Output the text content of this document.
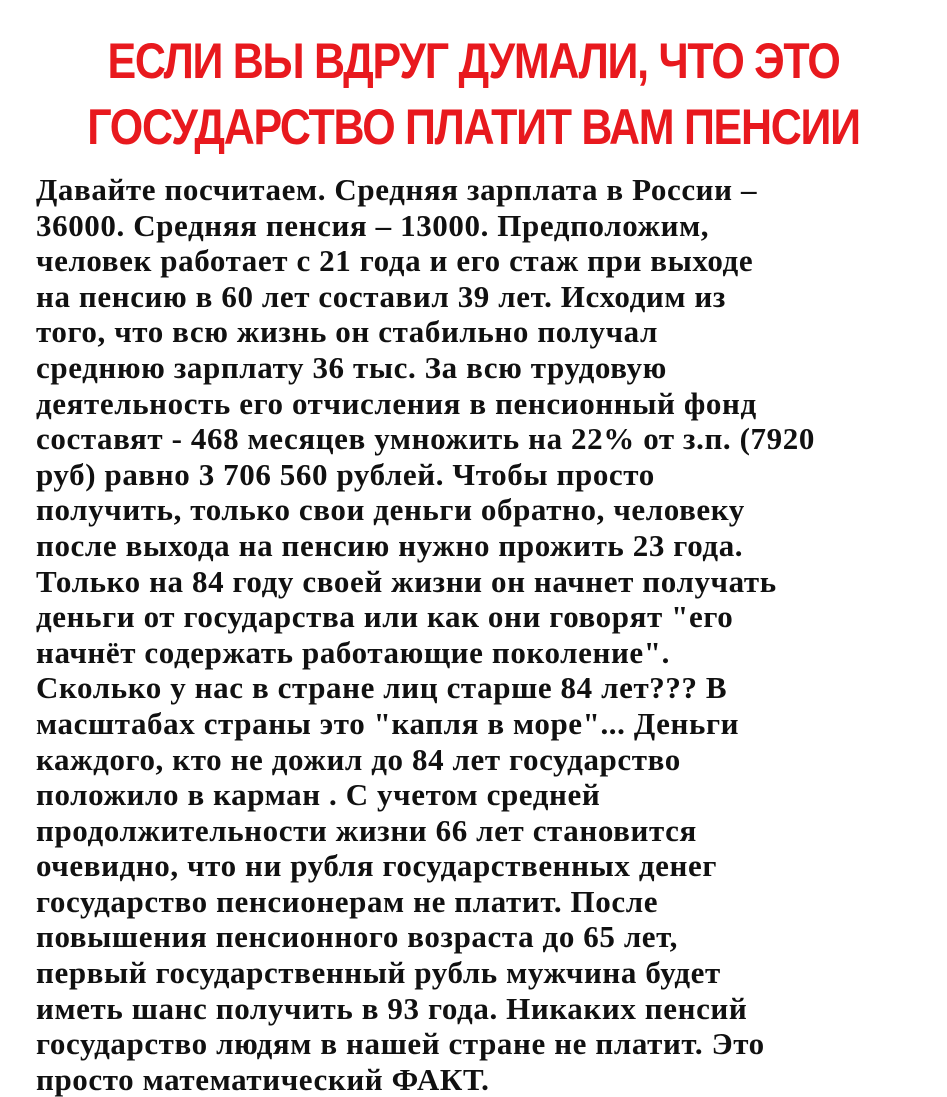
ЕСЛИ ВЫ ВДРУГ ДУМАЛИ, ЧТО ЭТО
ГОСУДАРСТВО ПЛАТИТ ВАМ ПЕНСИИ
Давайте посчитаем. Средняя зарплата в России –
36000. Средняя пенсия – 13000. Предположим,
человек работает с 21 года и его стаж при выходе
на пенсию в 60 лет составил 39 лет. Исходим из
того, что всю жизнь он стабильно получал
среднюю зарплату 36 тыс. За всю трудовую
деятельность его отчисления в пенсионный фонд
составят - 468 месяцев умножить на 22% от з.п. (7920
руб) равно 3 706 560 рублей. Чтобы просто
получить, только свои деньги обратно, человеку
после выхода на пенсию нужно прожить 23 года.
Только на 84 году своей жизни он начнет получать
деньги от государства или как они говорят "его
начнёт содержать работающие поколение".
Сколько у нас в стране лиц старше 84 лет??? В
масштабах страны это "капля в море"... Деньги
каждого, кто не дожил до 84 лет государство
положило в карман . С учетом средней
продолжительности жизни 66 лет становится
очевидно, что ни рубля государственных денег
государство пенсионерам не платит. После
повышения пенсионного возраста до 65 лет,
первый государственный рубль мужчина будет
иметь шанс получить в 93 года. Никаких пенсий
государство людям в нашей стране не платит. Это
просто математический ФАКТ.
